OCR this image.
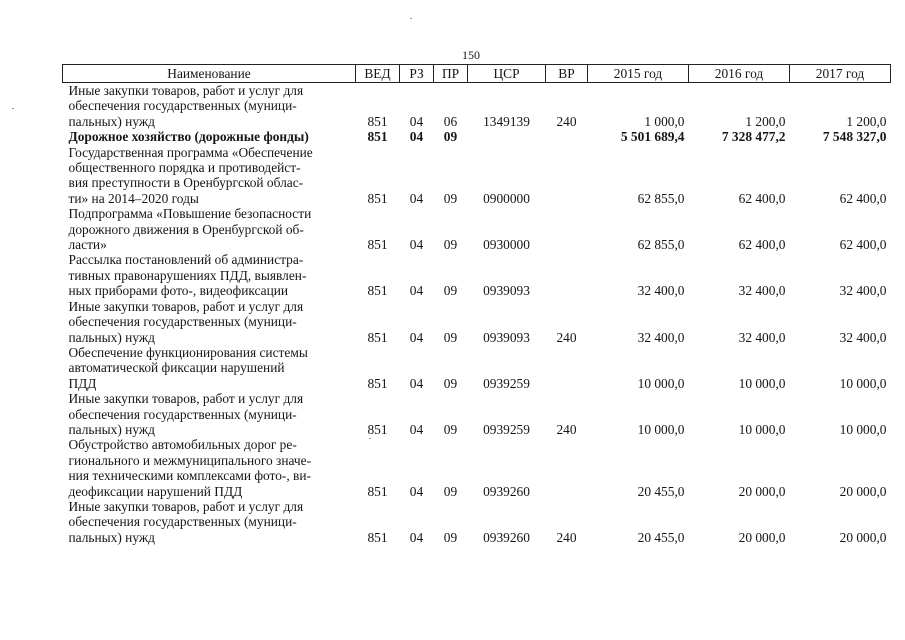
150
Наименование	ВЕД	РЗ	ПР	ЦСР	ВР	2015 год	2016 год	2017 год

Иные закупки товаров, работ и услуг для
обеспечения государственных (муници-
пальных) нужд	851	04	06	1349139	240	1 000,0	1 200,0	1 200,0

Дорожное хозяйство (дорожные фонды)	851	04	09			5 501 689,4	7 328 477,2	7 548 327,0

Государственная программа «Обеспечение
общественного порядка и противодейст-
вия преступности в Оренбургской облас-
ти» на 2014–2020 годы	851	04	09	0900000		62 855,0	62 400,0	62 400,0

Подпрограмма «Повышение безопасности
дорожного движения в Оренбургской об-
ласти»	851	04	09	0930000		62 855,0	62 400,0	62 400,0

Рассылка постановлений об администра-
тивных правонарушениях ПДД, выявлен-
ных приборами фото-, видеофиксации	851	04	09	0939093		32 400,0	32 400,0	32 400,0

Иные закупки товаров, работ и услуг для
обеспечения государственных (муници-
пальных) нужд	851	04	09	0939093	240	32 400,0	32 400,0	32 400,0

Обеспечение функционирования системы
автоматической фиксации нарушений
ПДД	851	04	09	0939259		10 000,0	10 000,0	10 000,0

Иные закупки товаров, работ и услуг для
обеспечения государственных (муници-
пальных) нужд	851	04	09	0939259	240	10 000,0	10 000,0	10 000,0

Обустройство автомобильных дорог ре-
гионального и межмуниципального значе-
ния техническими комплексами фото-, ви-
деофиксации нарушений ПДД	851	04	09	0939260		20 455,0	20 000,0	20 000,0

Иные закупки товаров, работ и услуг для
обеспечения государственных (муници-
пальных) нужд	851	04	09	0939260	240	20 455,0	20 000,0	20 000,0
